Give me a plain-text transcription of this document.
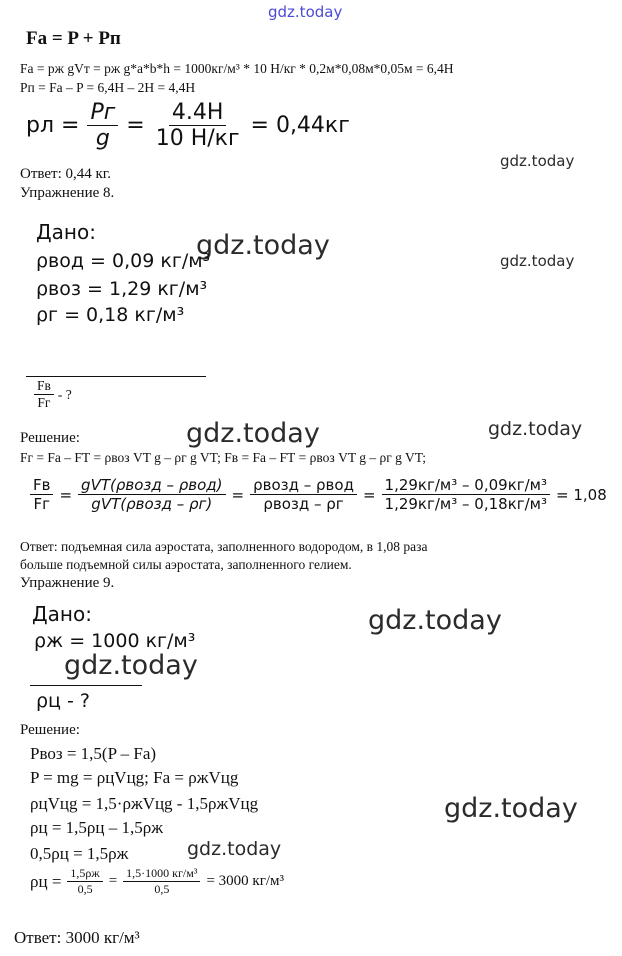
gdz.today
gdz.today
gdz.today	gdz.today
gdz.today	gdz.today
gdz.today
gdz.today
gdz.today
gdz.today
Fa = P + Pп
Fа = pж gVт = pж g*a*b*h = 1000кг/м³ * 10 Н/кг * 0,2м*0,08м*0,05м = 6,4Н
Pп = Fа – P = 6,4Н – 2Н = 4,4Н
pл = $\frac{Pг}{g} = \frac{4.4Н}{10 Н/кг} = 0,44кг$
Ответ: 0,44 кг.
Упражнение 8.
Дано:
ρвод = 0,09 кг/м³
ρвоз = 1,29 кг/м³
ρг = 0,18 кг/м³
$\frac{Fв}{Fг}$ - ?
Решение:
Fг = Fа – FТ = ρвоз VT g – ρг g VT; Fв = Fа – FТ = ρвоз VT g – ρг g VT;
$\frac{Fв}{Fг} = \frac{\text{gVT(ρвозд – ρвод)}}{\text{gVT(ρвозд – ρг)}} = \frac{\text{ρвозд – ρвод}}{\text{ρвозд – ρг}} = \frac{\text{1,29кг/м³ – 0,09кг/м³}}{\text{1,29кг/м³ – 0,18кг/м³}} = 1,08$
Ответ: подъемная сила аэростата, заполненного водородом, в 1,08 раза
больше подъемной силы аэростата, заполненного гелием.
Упражнение 9.
Дано:
ρж = 1000 кг/м³
ρц - ?
Решение:
Pвоз = 1,5(P – Fа)
P = mg = ρцVцg; Fа = ρжVцg
ρцVцg = 1,5·ρжVцg - 1,5ρжVцg
ρц = 1,5ρц – 1,5ρж
0,5ρц = 1,5ρж
$\rho ц = \frac{1,5\rho ж}{0,5} = \frac{\text{1,5·1000 кг/м³}}{0,5} = 3000$ кг/м³
Ответ: 3000 кг/м³
